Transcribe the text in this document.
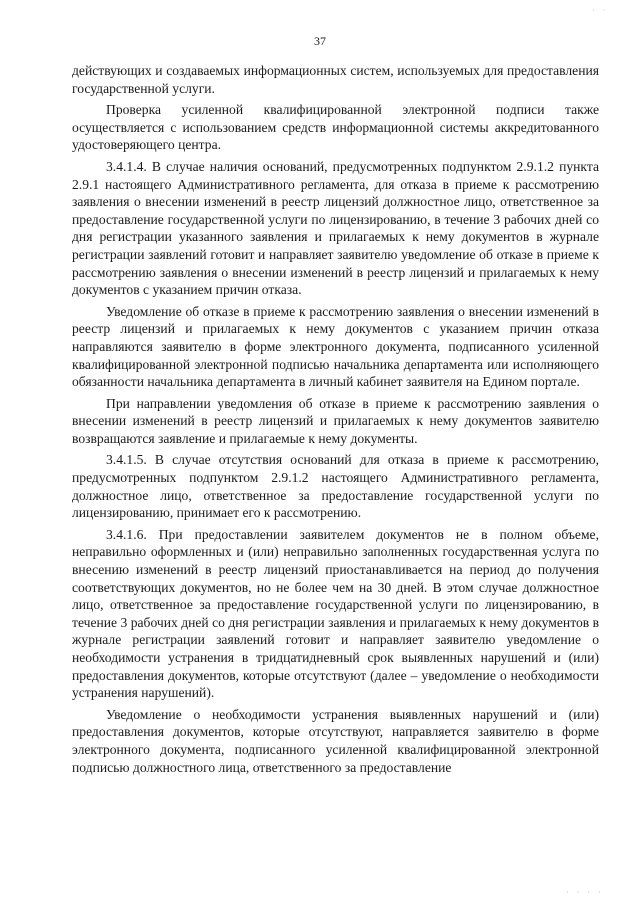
37

действующих и создаваемых информационных систем, используемых для предоставления государственной услуги.

Проверка усиленной квалифицированной электронной подписи также осуществляется с использованием средств информационной системы аккредитованного удостоверяющего центра.

3.4.1.4. В случае наличия оснований, предусмотренных подпунктом 2.9.1.2 пункта 2.9.1 настоящего Административного регламента, для отказа в приеме к рассмотрению заявления о внесении изменений в реестр лицензий должностное лицо, ответственное за предоставление государственной услуги по лицензированию, в течение 3 рабочих дней со дня регистрации указанного заявления и прилагаемых к нему документов в журнале регистрации заявлений готовит и направляет заявителю уведомление об отказе в приеме к рассмотрению заявления о внесении изменений в реестр лицензий и прилагаемых к нему документов с указанием причин отказа.

Уведомление об отказе в приеме к рассмотрению заявления о внесении изменений в реестр лицензий и прилагаемых к нему документов с указанием причин отказа направляются заявителю в форме электронного документа, подписанного усиленной квалифицированной электронной подписью начальника департамента или исполняющего обязанности начальника департамента в личный кабинет заявителя на Едином портале.

При направлении уведомления об отказе в приеме к рассмотрению заявления о внесении изменений в реестр лицензий и прилагаемых к нему документов заявителю возвращаются заявление и прилагаемые к нему документы.

3.4.1.5. В случае отсутствия оснований для отказа в приеме к рассмотрению, предусмотренных подпунктом 2.9.1.2 настоящего Административного регламента, должностное лицо, ответственное за предоставление государственной услуги по лицензированию, принимает его к рассмотрению.

3.4.1.6. При предоставлении заявителем документов не в полном объеме, неправильно оформленных и (или) неправильно заполненных государственная услуга по внесению изменений в реестр лицензий приостанавливается на период до получения соответствующих документов, но не более чем на 30 дней. В этом случае должностное лицо, ответственное за предоставление государственной услуги по лицензированию, в течение 3 рабочих дней со дня регистрации заявления и прилагаемых к нему документов в журнале регистрации заявлений готовит и направляет заявителю уведомление о необходимости устранения в тридцатидневный срок выявленных нарушений и (или) предоставления документов, которые отсутствуют (далее – уведомление о необходимости устранения нарушений).

Уведомление о необходимости устранения выявленных нарушений и (или) предоставления документов, которые отсутствуют, направляется заявителю в форме электронного документа, подписанного усиленной квалифицированной электронной подписью должностного лица, ответственного за предоставление

· ·
· · · ·
